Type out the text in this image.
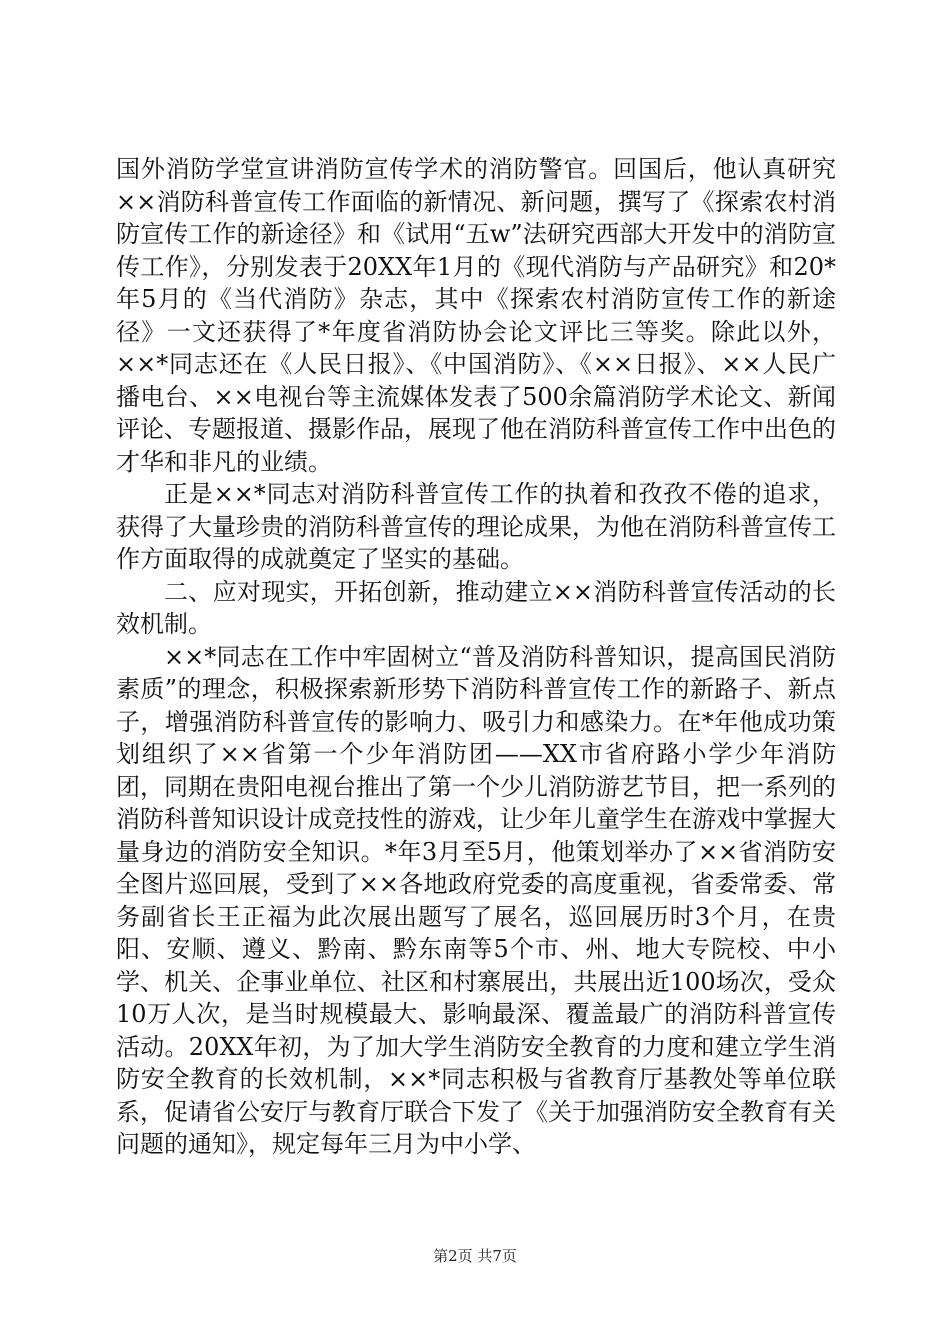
国外消防学堂宣讲消防宣传学术的消防警官。回国后，他认真研究××消防科普宣传工作面临的新情况、新问题，撰写了《探索农村消防宣传工作的新途径》和《试用“五w”法研究西部大开发中的消防宣传工作》，分别发表于20XX年1月的《现代消防与产品研究》和20*年5月的《当代消防》杂志，其中《探索农村消防宣传工作的新途径》一文还获得了*年度省消防协会论文评比三等奖。除此以外，××*同志还在《人民日报》、《中国消防》、《××日报》、××人民广播电台、××电视台等主流媒体发表了500余篇消防学术论文、新闻评论、专题报道、摄影作品，展现了他在消防科普宣传工作中出色的才华和非凡的业绩。

正是××*同志对消防科普宣传工作的执着和孜孜不倦的追求，获得了大量珍贵的消防科普宣传的理论成果，为他在消防科普宣传工作方面取得的成就奠定了坚实的基础。

二、应对现实，开拓创新，推动建立××消防科普宣传活动的长效机制。

××*同志在工作中牢固树立“普及消防科普知识，提高国民消防素质”的理念，积极探索新形势下消防科普宣传工作的新路子、新点子，增强消防科普宣传的影响力、吸引力和感染力。在*年他成功策划组织了××省第一个少年消防团——XX市省府路小学少年消防团，同期在贵阳电视台推出了第一个少儿消防游艺节目，把一系列的消防科普知识设计成竞技性的游戏，让少年儿童学生在游戏中掌握大量身边的消防安全知识。*年3月至5月，他策划举办了××省消防安全图片巡回展，受到了××各地政府党委的高度重视，省委常委、常务副省长王正福为此次展出题写了展名，巡回展历时3个月，在贵阳、安顺、遵义、黔南、黔东南等5个市、州、地大专院校、中小学、机关、企事业单位、社区和村寨展出，共展出近100场次，受众10万人次，是当时规模最大、影响最深、覆盖最广的消防科普宣传活动。20XX年初，为了加大学生消防安全教育的力度和建立学生消防安全教育的长效机制，××*同志积极与省教育厅基教处等单位联系，促请省公安厅与教育厅联合下发了《关于加强消防安全教育有关问题的通知》，规定每年三月为中小学、

第2页 共7页
